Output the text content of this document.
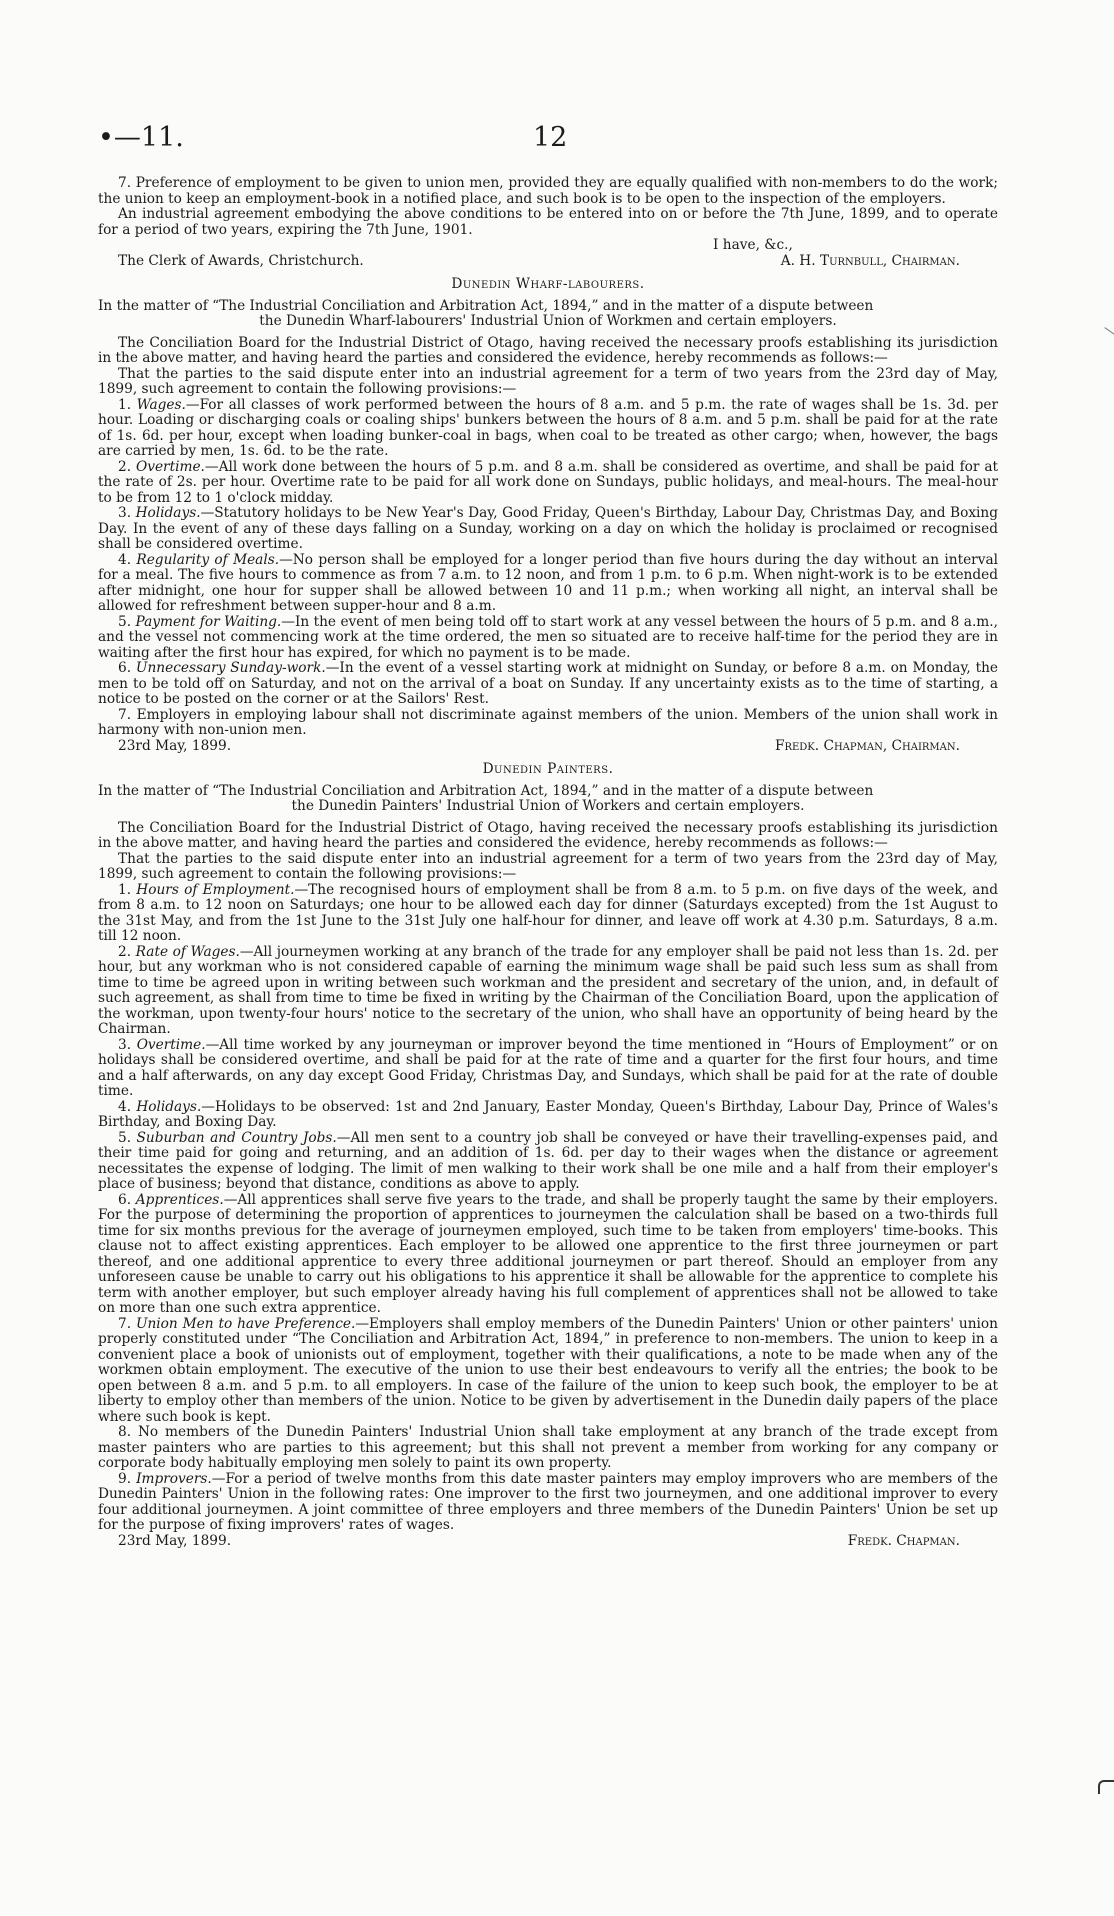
•—11.	12

7. Preference of employment to be given to union men, provided they are equally qualified with non-members to do the work; the union to keep an employment-book in a notified place, and such book is to be open to the inspection of the employers.

An industrial agreement embodying the above conditions to be entered into on or before the 7th June, 1899, and to operate for a period of two years, expiring the 7th June, 1901.

I have, &c.,
The Clerk of Awards, Christchurch.	A. H. Turnbull, Chairman.
Dunedin Wharf-labourers.

In the matter of “The Industrial Conciliation and Arbitration Act, 1894,” and in the matter of a dispute between
the Dunedin Wharf-labourers' Industrial Union of Workmen and certain employers.

The Conciliation Board for the Industrial District of Otago, having received the necessary proofs establishing its jurisdiction in the above matter, and having heard the parties and considered the evidence, hereby recommends as follows:—

That the parties to the said dispute enter into an industrial agreement for a term of two years from the 23rd day of May, 1899, such agreement to contain the following provisions:—

1. Wages.—For all classes of work performed between the hours of 8 a.m. and 5 p.m. the rate of wages shall be 1s. 3d. per hour. Loading or discharging coals or coaling ships' bunkers between the hours of 8 a.m. and 5 p.m. shall be paid for at the rate of 1s. 6d. per hour, except when loading bunker-coal in bags, when coal to be treated as other cargo; when, however, the bags are carried by men, 1s. 6d. to be the rate.

2. Overtime.—All work done between the hours of 5 p.m. and 8 a.m. shall be considered as overtime, and shall be paid for at the rate of 2s. per hour. Overtime rate to be paid for all work done on Sundays, public holidays, and meal-hours. The meal-hour to be from 12 to 1 o'clock midday.

3. Holidays.—Statutory holidays to be New Year's Day, Good Friday, Queen's Birthday, Labour Day, Christmas Day, and Boxing Day. In the event of any of these days falling on a Sunday, working on a day on which the holiday is proclaimed or recognised shall be considered overtime.

4. Regularity of Meals.—No person shall be employed for a longer period than five hours during the day without an interval for a meal. The five hours to commence as from 7 a.m. to 12 noon, and from 1 p.m. to 6 p.m. When night-work is to be extended after midnight, one hour for supper shall be allowed between 10 and 11 p.m.; when working all night, an interval shall be allowed for refreshment between supper-hour and 8 a.m.

5. Payment for Waiting.—In the event of men being told off to start work at any vessel between the hours of 5 p.m. and 8 a.m., and the vessel not commencing work at the time ordered, the men so situated are to receive half-time for the period they are in waiting after the first hour has expired, for which no payment is to be made.

6. Unnecessary Sunday-work.—In the event of a vessel starting work at midnight on Sunday, or before 8 a.m. on Monday, the men to be told off on Saturday, and not on the arrival of a boat on Sunday. If any uncertainty exists as to the time of starting, a notice to be posted on the corner or at the Sailors' Rest.

7. Employers in employing labour shall not discriminate against members of the union. Members of the union shall work in harmony with non-union men.

23rd May, 1899.	Fredk. Chapman, Chairman.
Dunedin Painters.

In the matter of “The Industrial Conciliation and Arbitration Act, 1894,” and in the matter of a dispute between
the Dunedin Painters' Industrial Union of Workers and certain employers.

The Conciliation Board for the Industrial District of Otago, having received the necessary proofs establishing its jurisdiction in the above matter, and having heard the parties and considered the evidence, hereby recommends as follows:—

That the parties to the said dispute enter into an industrial agreement for a term of two years from the 23rd day of May, 1899, such agreement to contain the following provisions:—

1. Hours of Employment.—The recognised hours of employment shall be from 8 a.m. to 5 p.m. on five days of the week, and from 8 a.m. to 12 noon on Saturdays; one hour to be allowed each day for dinner (Saturdays excepted) from the 1st August to the 31st May, and from the 1st June to the 31st July one half-hour for dinner, and leave off work at 4.30 p.m. Saturdays, 8 a.m. till 12 noon.

2. Rate of Wages.—All journeymen working at any branch of the trade for any employer shall be paid not less than 1s. 2d. per hour, but any workman who is not considered capable of earning the minimum wage shall be paid such less sum as shall from time to time be agreed upon in writing between such workman and the president and secretary of the union, and, in default of such agreement, as shall from time to time be fixed in writing by the Chairman of the Conciliation Board, upon the application of the workman, upon twenty-four hours' notice to the secretary of the union, who shall have an opportunity of being heard by the Chairman.

3. Overtime.—All time worked by any journeyman or improver beyond the time mentioned in “Hours of Employment” or on holidays shall be considered overtime, and shall be paid for at the rate of time and a quarter for the first four hours, and time and a half afterwards, on any day except Good Friday, Christmas Day, and Sundays, which shall be paid for at the rate of double time.

4. Holidays.—Holidays to be observed: 1st and 2nd January, Easter Monday, Queen's Birthday, Labour Day, Prince of Wales's Birthday, and Boxing Day.

5. Suburban and Country Jobs.—All men sent to a country job shall be conveyed or have their travelling-expenses paid, and their time paid for going and returning, and an addition of 1s. 6d. per day to their wages when the distance or agreement necessitates the expense of lodging. The limit of men walking to their work shall be one mile and a half from their employer's place of business; beyond that distance, conditions as above to apply.

6. Apprentices.—All apprentices shall serve five years to the trade, and shall be properly taught the same by their employers. For the purpose of determining the proportion of apprentices to journeymen the calculation shall be based on a two-thirds full time for six months previous for the average of journeymen employed, such time to be taken from employers' time-books. This clause not to affect existing apprentices. Each employer to be allowed one apprentice to the first three journeymen or part thereof, and one additional apprentice to every three additional journeymen or part thereof. Should an employer from any unforeseen cause be unable to carry out his obligations to his apprentice it shall be allowable for the apprentice to complete his term with another employer, but such employer already having his full complement of apprentices shall not be allowed to take on more than one such extra apprentice.

7. Union Men to have Preference.—Employers shall employ members of the Dunedin Painters' Union or other painters' union properly constituted under “The Conciliation and Arbitration Act, 1894,” in preference to non-members. The union to keep in a convenient place a book of unionists out of employment, together with their qualifications, a note to be made when any of the workmen obtain employment. The executive of the union to use their best endeavours to verify all the entries; the book to be open between 8 a.m. and 5 p.m. to all employers. In case of the failure of the union to keep such book, the employer to be at liberty to employ other than members of the union. Notice to be given by advertisement in the Dunedin daily papers of the place where such book is kept.

8. No members of the Dunedin Painters' Industrial Union shall take employment at any branch of the trade except from master painters who are parties to this agreement; but this shall not prevent a member from working for any company or corporate body habitually employing men solely to paint its own property.

9. Improvers.—For a period of twelve months from this date master painters may employ improvers who are members of the Dunedin Painters' Union in the following rates: One improver to the first two journeymen, and one additional improver to every four additional journeymen. A joint committee of three employers and three members of the Dunedin Painters' Union be set up for the purpose of fixing improvers' rates of wages.

23rd May, 1899.	Fredk. Chapman.
